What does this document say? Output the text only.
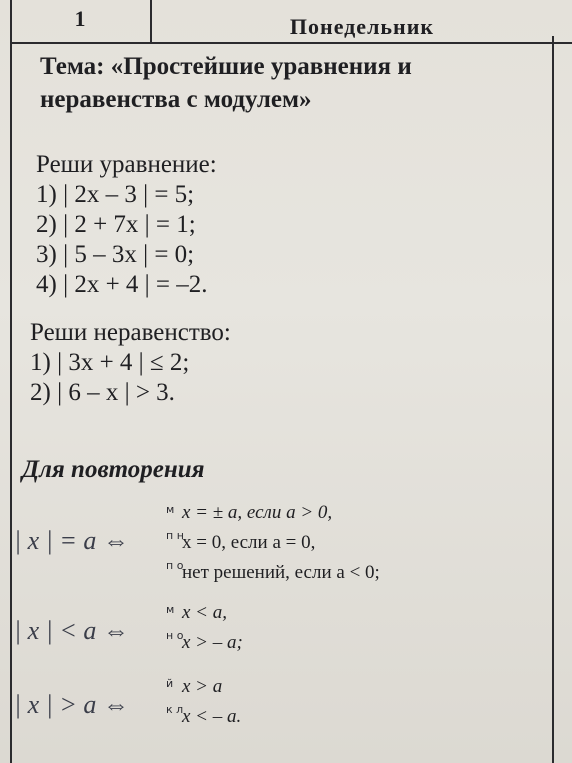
1	Понедельник
Тема: «Простейшие уравнения и
неравенства с модулем»
Реши уравнение:
1) | 2x – 3 | = 5;
2) | 2 + 7x | = 1;
3) | 5 – 3x | = 0;
4) | 2x + 4 | = –2.
Реши неравенство:
1) | 3x + 4 | ≤ 2;
2) | 6 – x | > 3.
Для повторения
| x | = a ⇔
м x = ± a, если a > 0,
п н
x = 0, если a = 0,
п о
нет решений, если a < 0;
| x | < a ⇔
м x < a,
н о
x > – a;
| x | > a ⇔
й x > a
к л
x < – a.
